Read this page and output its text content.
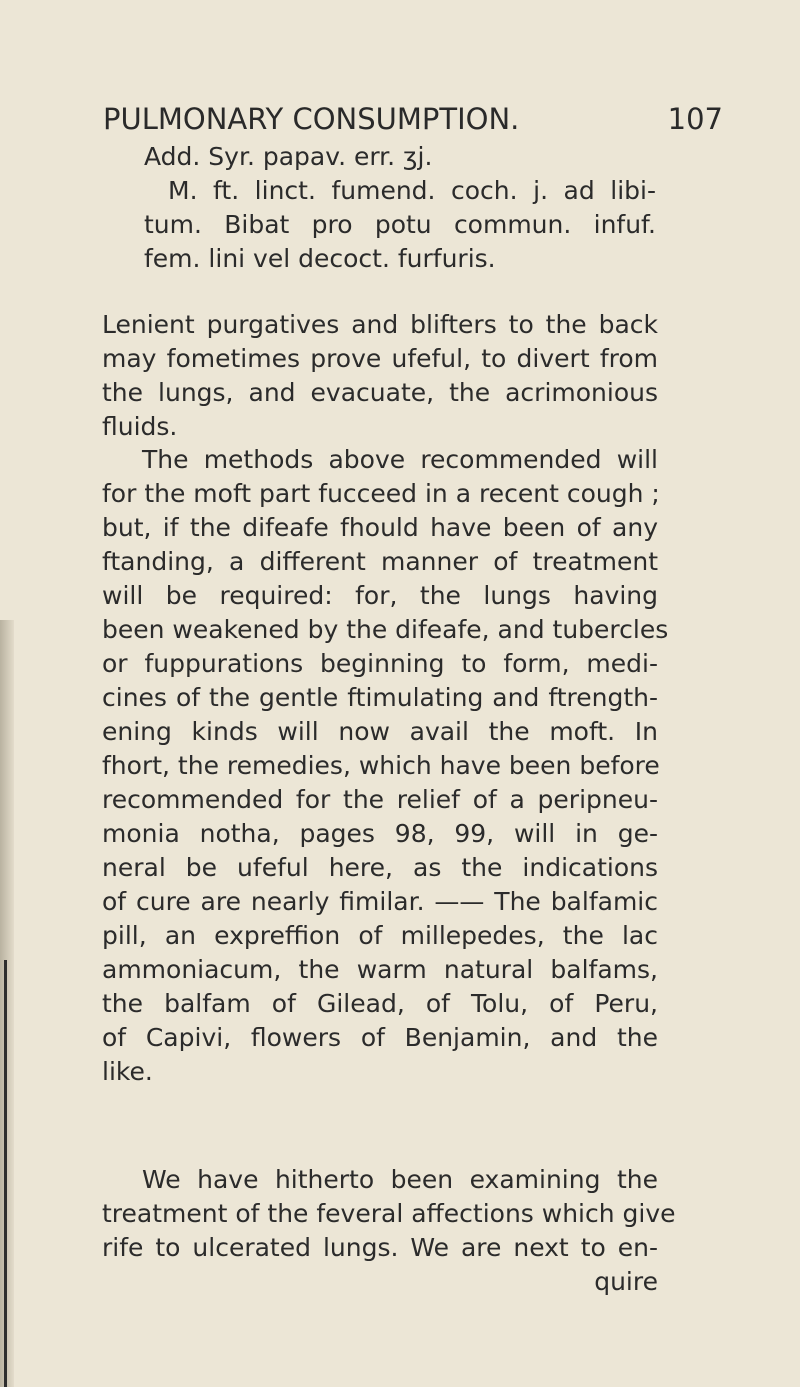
PULMONARY CONSUMPTION.	107
Add. Syr. papav. err. ʒj.
M. ft. linct. fumend. coch. j. ad libi-
tum. Bibat pro potu commun. infuf.
fem. lini vel decoct. furfuris.
Lenient purgatives and blifters to the back
may fometimes prove ufeful, to divert from
the lungs, and evacuate, the acrimonious
fluids.
The methods above recommended will
for the moft part fucceed in a recent cough ;
but, if the difeafe fhould have been of any
ftanding, a different manner of treatment
will be required: for, the lungs having
been weakened by the difeafe, and tubercles
or fuppurations beginning to form, medi-
cines of the gentle ftimulating and ftrength-
ening kinds will now avail the moft. In
fhort, the remedies, which have been before
recommended for the relief of a peripneu-
monia notha, pages 98, 99, will in ge-
neral be ufeful here, as the indications
of cure are nearly fimilar. —— The balfamic
pill, an expreffion of millepedes, the lac
ammoniacum, the warm natural balfams,
the balfam of Gilead, of Tolu, of Peru,
of Capivi, flowers of Benjamin, and the
like.
We have hitherto been examining the
treatment of the feveral affections which give
rife to ulcerated lungs. We are next to en-
quire
